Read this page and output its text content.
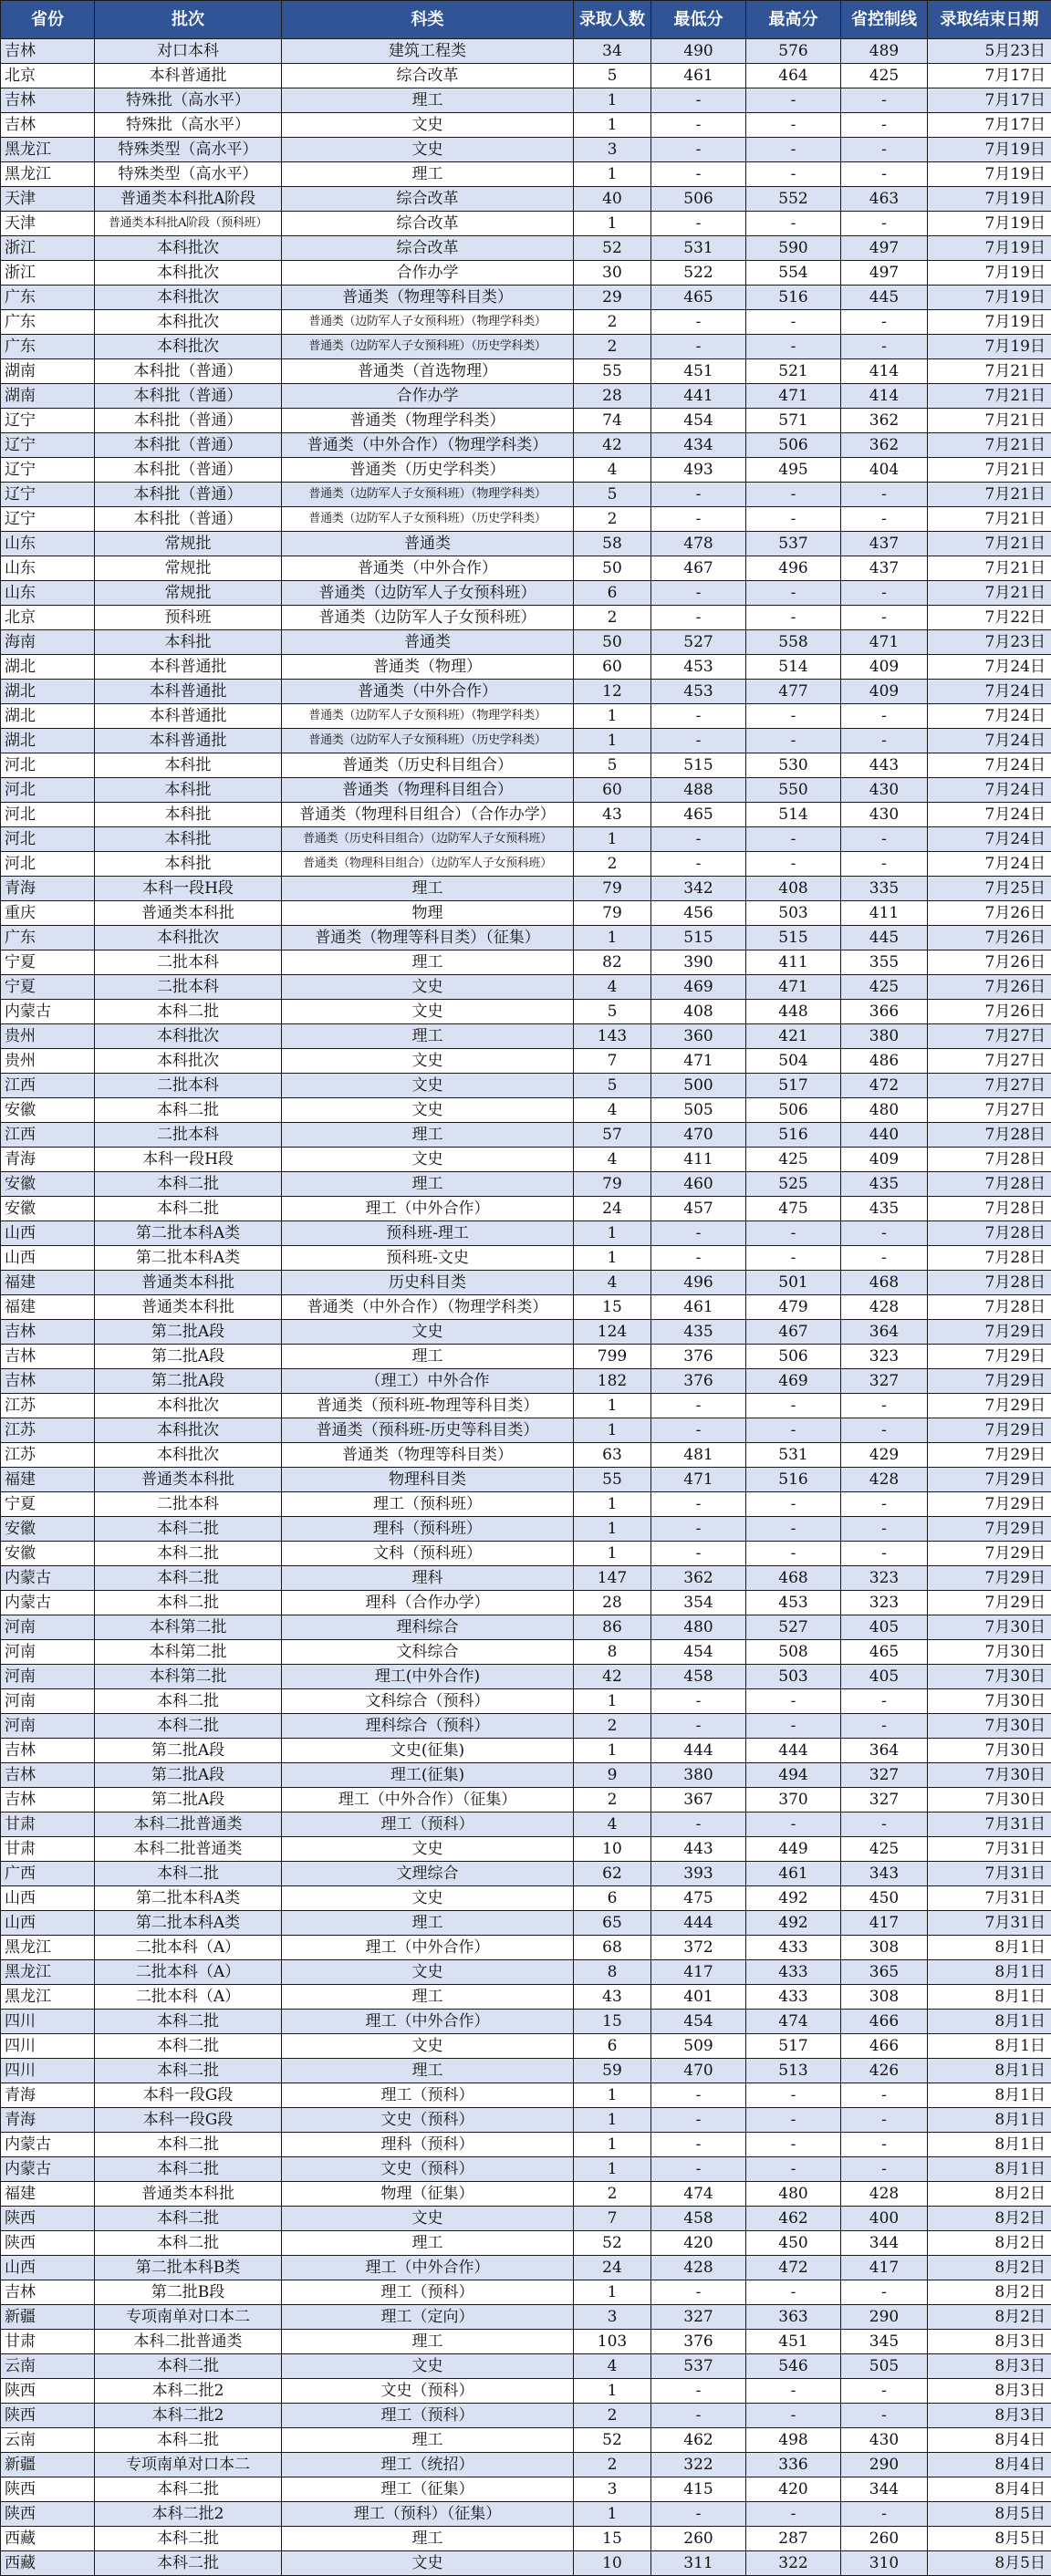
省份	批次	科类	录取人数	最低分	最高分	省控制线	录取结束日期
吉林	对口本科	建筑工程类	34	490	576	489	5月23日
北京	本科普通批	综合改革	5	461	464	425	7月17日
吉林	特殊批（高水平）	理工	1	-	-	-	7月17日
吉林	特殊批（高水平）	文史	1	-	-	-	7月17日
黑龙江	特殊类型（高水平）	文史	3	-	-	-	7月19日
黑龙江	特殊类型（高水平）	理工	1	-	-	-	7月19日
天津	普通类本科批A阶段	综合改革	40	506	552	463	7月19日
天津	普通类本科批A阶段（预科班）	综合改革	1	-	-	-	7月19日
浙江	本科批次	综合改革	52	531	590	497	7月19日
浙江	本科批次	合作办学	30	522	554	497	7月19日
广东	本科批次	普通类（物理等科目类）	29	465	516	445	7月19日
广东	本科批次	普通类（边防军人子女预科班）（物理学科类）	2	-	-	-	7月19日
广东	本科批次	普通类（边防军人子女预科班）（历史学科类）	2	-	-	-	7月19日
湖南	本科批（普通）	普通类（首选物理）	55	451	521	414	7月21日
湖南	本科批（普通）	合作办学	28	441	471	414	7月21日
辽宁	本科批（普通）	普通类（物理学科类）	74	454	571	362	7月21日
辽宁	本科批（普通）	普通类（中外合作）（物理学科类）	42	434	506	362	7月21日
辽宁	本科批（普通）	普通类（历史学科类）	4	493	495	404	7月21日
辽宁	本科批（普通）	普通类（边防军人子女预科班）（物理学科类）	5	-	-	-	7月21日
辽宁	本科批（普通）	普通类（边防军人子女预科班）（历史学科类）	2	-	-	-	7月21日
山东	常规批	普通类	58	478	537	437	7月21日
山东	常规批	普通类（中外合作）	50	467	496	437	7月21日
山东	常规批	普通类（边防军人子女预科班）	6	-	-	-	7月21日
北京	预科班	普通类（边防军人子女预科班）	2	-	-	-	7月22日
海南	本科批	普通类	50	527	558	471	7月23日
湖北	本科普通批	普通类（物理）	60	453	514	409	7月24日
湖北	本科普通批	普通类（中外合作）	12	453	477	409	7月24日
湖北	本科普通批	普通类（边防军人子女预科班）（物理学科类）	1	-	-	-	7月24日
湖北	本科普通批	普通类（边防军人子女预科班）（历史学科类）	1	-	-	-	7月24日
河北	本科批	普通类（历史科目组合）	5	515	530	443	7月24日
河北	本科批	普通类（物理科目组合）	60	488	550	430	7月24日
河北	本科批	普通类（物理科目组合）（合作办学）	43	465	514	430	7月24日
河北	本科批	普通类（历史科目组合）（边防军人子女预科班）	1	-	-	-	7月24日
河北	本科批	普通类（物理科目组合）（边防军人子女预科班）	2	-	-	-	7月24日
青海	本科一段H段	理工	79	342	408	335	7月25日
重庆	普通类本科批	物理	79	456	503	411	7月26日
广东	本科批次	普通类（物理等科目类）（征集）	1	515	515	445	7月26日
宁夏	二批本科	理工	82	390	411	355	7月26日
宁夏	二批本科	文史	4	469	471	425	7月26日
内蒙古	本科二批	文史	5	408	448	366	7月26日
贵州	本科批次	理工	143	360	421	380	7月27日
贵州	本科批次	文史	7	471	504	486	7月27日
江西	二批本科	文史	5	500	517	472	7月27日
安徽	本科二批	文史	4	505	506	480	7月27日
江西	二批本科	理工	57	470	516	440	7月28日
青海	本科一段H段	文史	4	411	425	409	7月28日
安徽	本科二批	理工	79	460	525	435	7月28日
安徽	本科二批	理工（中外合作）	24	457	475	435	7月28日
山西	第二批本科A类	预科班-理工	1	-	-	-	7月28日
山西	第二批本科A类	预科班-文史	1	-	-	-	7月28日
福建	普通类本科批	历史科目类	4	496	501	468	7月28日
福建	普通类本科批	普通类（中外合作）（物理学科类）	15	461	479	428	7月28日
吉林	第二批A段	文史	124	435	467	364	7月29日
吉林	第二批A段	理工	799	376	506	323	7月29日
吉林	第二批A段	（理工）中外合作	182	376	469	327	7月29日
江苏	本科批次	普通类（预科班-物理等科目类）	1	-	-	-	7月29日
江苏	本科批次	普通类（预科班-历史等科目类）	1	-	-	-	7月29日
江苏	本科批次	普通类（物理等科目类）	63	481	531	429	7月29日
福建	普通类本科批	物理科目类	55	471	516	428	7月29日
宁夏	二批本科	理工（预科班）	1	-	-	-	7月29日
安徽	本科二批	理科（预科班）	1	-	-	-	7月29日
安徽	本科二批	文科（预科班）	1	-	-	-	7月29日
内蒙古	本科二批	理科	147	362	468	323	7月29日
内蒙古	本科二批	理科（合作办学）	28	354	453	323	7月29日
河南	本科第二批	理科综合	86	480	527	405	7月30日
河南	本科第二批	文科综合	8	454	508	465	7月30日
河南	本科第二批	理工(中外合作)	42	458	503	405	7月30日
河南	本科二批	文科综合（预科）	1	-	-	-	7月30日
河南	本科二批	理科综合（预科）	2	-	-	-	7月30日
吉林	第二批A段	文史(征集)	1	444	444	364	7月30日
吉林	第二批A段	理工(征集)	9	380	494	327	7月30日
吉林	第二批A段	理工（中外合作）（征集）	2	367	370	327	7月30日
甘肃	本科二批普通类	理工（预科）	4	-	-	-	7月31日
甘肃	本科二批普通类	文史	10	443	449	425	7月31日
广西	本科二批	文理综合	62	393	461	343	7月31日
山西	第二批本科A类	文史	6	475	492	450	7月31日
山西	第二批本科A类	理工	65	444	492	417	7月31日
黑龙江	二批本科（A）	理工（中外合作）	68	372	433	308	8月1日
黑龙江	二批本科（A）	文史	8	417	433	365	8月1日
黑龙江	二批本科（A）	理工	43	401	433	308	8月1日
四川	本科二批	理工（中外合作）	15	454	474	466	8月1日
四川	本科二批	文史	6	509	517	466	8月1日
四川	本科二批	理工	59	470	513	426	8月1日
青海	本科一段G段	理工（预科）	1	-	-	-	8月1日
青海	本科一段G段	文史（预科）	1	-	-	-	8月1日
内蒙古	本科二批	理科（预科）	1	-	-	-	8月1日
内蒙古	本科二批	文史（预科）	1	-	-	-	8月1日
福建	普通类本科批	物理（征集）	2	474	480	428	8月2日
陕西	本科二批	文史	7	458	462	400	8月2日
陕西	本科二批	理工	52	420	450	344	8月2日
山西	第二批本科B类	理工（中外合作）	24	428	472	417	8月2日
吉林	第二批B段	理工（预科）	1	-	-	-	8月2日
新疆	专项南单对口本二	理工（定向）	3	327	363	290	8月2日
甘肃	本科二批普通类	理工	103	376	451	345	8月3日
云南	本科二批	文史	4	537	546	505	8月3日
陕西	本科二批2	文史（预科）	1	-	-	-	8月3日
陕西	本科二批2	理工（预科）	2	-	-	-	8月3日
云南	本科二批	理工	52	462	498	430	8月4日
新疆	专项南单对口本二	理工（统招）	2	322	336	290	8月4日
陕西	本科二批	理工（征集）	3	415	420	344	8月4日
陕西	本科二批2	理工（预科）（征集）	1	-	-	-	8月5日
西藏	本科二批	理工	15	260	287	260	8月5日
西藏	本科二批	文史	10	311	322	310	8月5日
